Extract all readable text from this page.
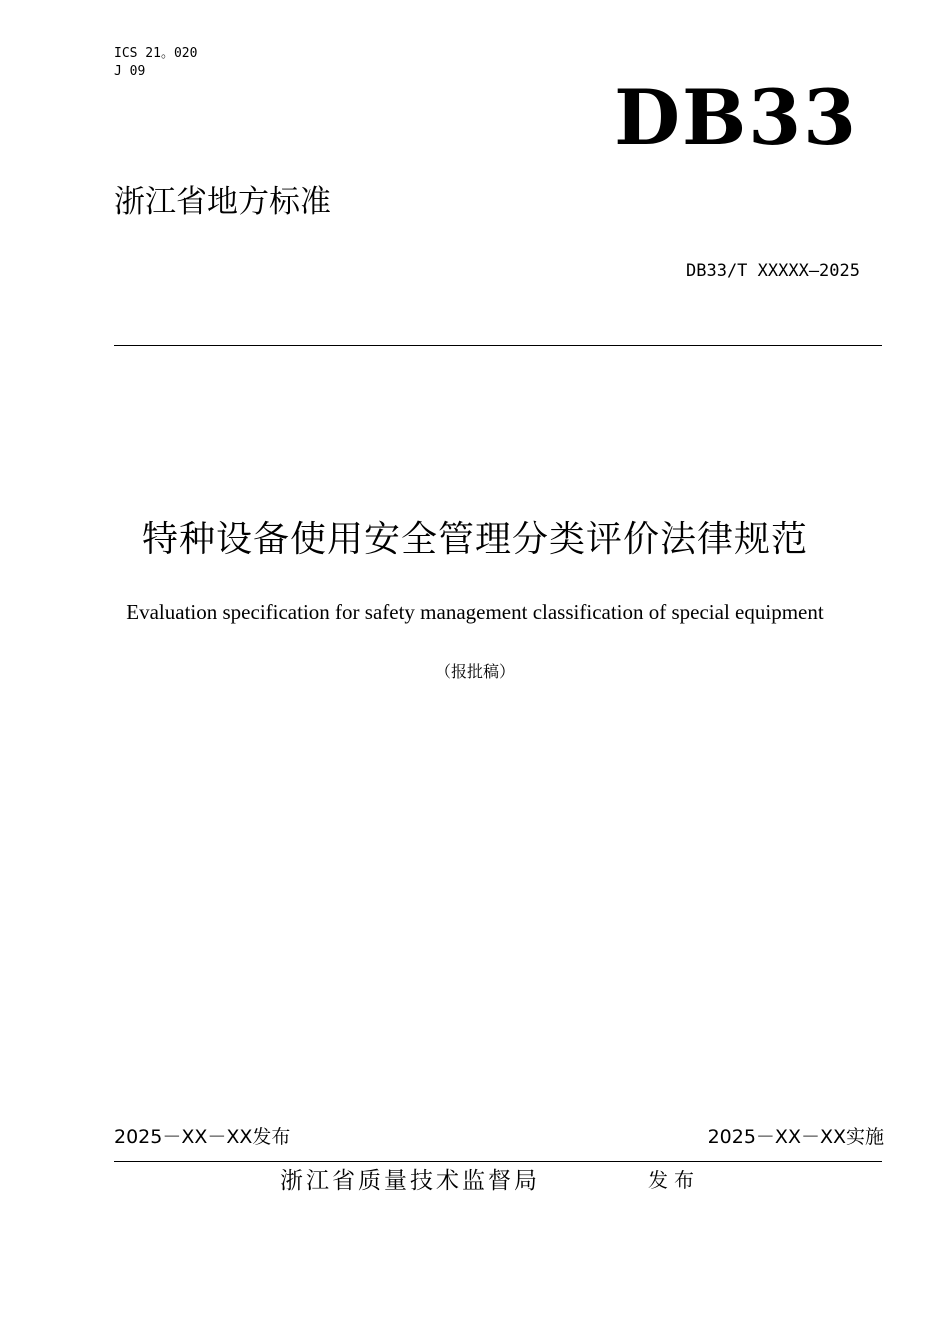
ICS 21。020
J 09
DB33
浙江省地方标准
DB33/T XXXXX—2025
特种设备使用安全管理分类评价法律规范
Evaluation specification for safety management classification of special equipment
（报批稿）
2025－XX－XX发布	2025－XX－XX实施
浙江省质量技术监督局	发布
